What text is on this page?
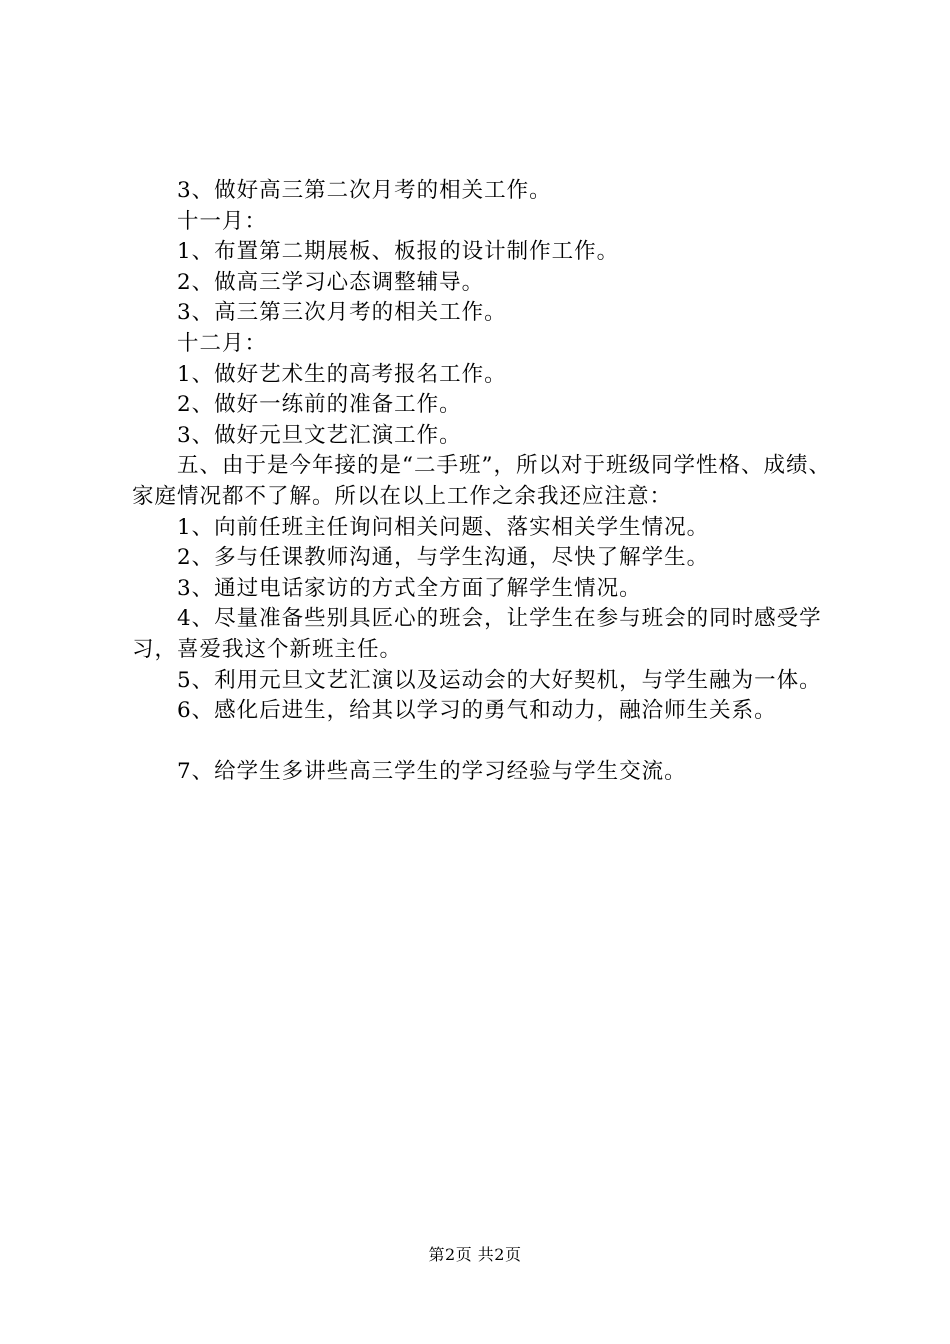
3、做好高三第二次月考的相关工作。

十一月：

1、布置第二期展板、板报的设计制作工作。

2、做高三学习心态调整辅导。

3、高三第三次月考的相关工作。

十二月：

1、做好艺术生的高考报名工作。

2、做好一练前的准备工作。

3、做好元旦文艺汇演工作。

五、由于是今年接的是“二手班”，所以对于班级同学性格、成绩、家庭情况都不了解。所以在以上工作之余我还应注意：

1、向前任班主任询问相关问题、落实相关学生情况。

2、多与任课教师沟通，与学生沟通，尽快了解学生。

3、通过电话家访的方式全方面了解学生情况。

4、尽量准备些别具匠心的班会，让学生在参与班会的同时感受学习，喜爱我这个新班主任。

5、利用元旦文艺汇演以及运动会的大好契机，与学生融为一体。

6、感化后进生，给其以学习的勇气和动力，融洽师生关系。

7、给学生多讲些高三学生的学习经验与学生交流。

第2页 共2页
